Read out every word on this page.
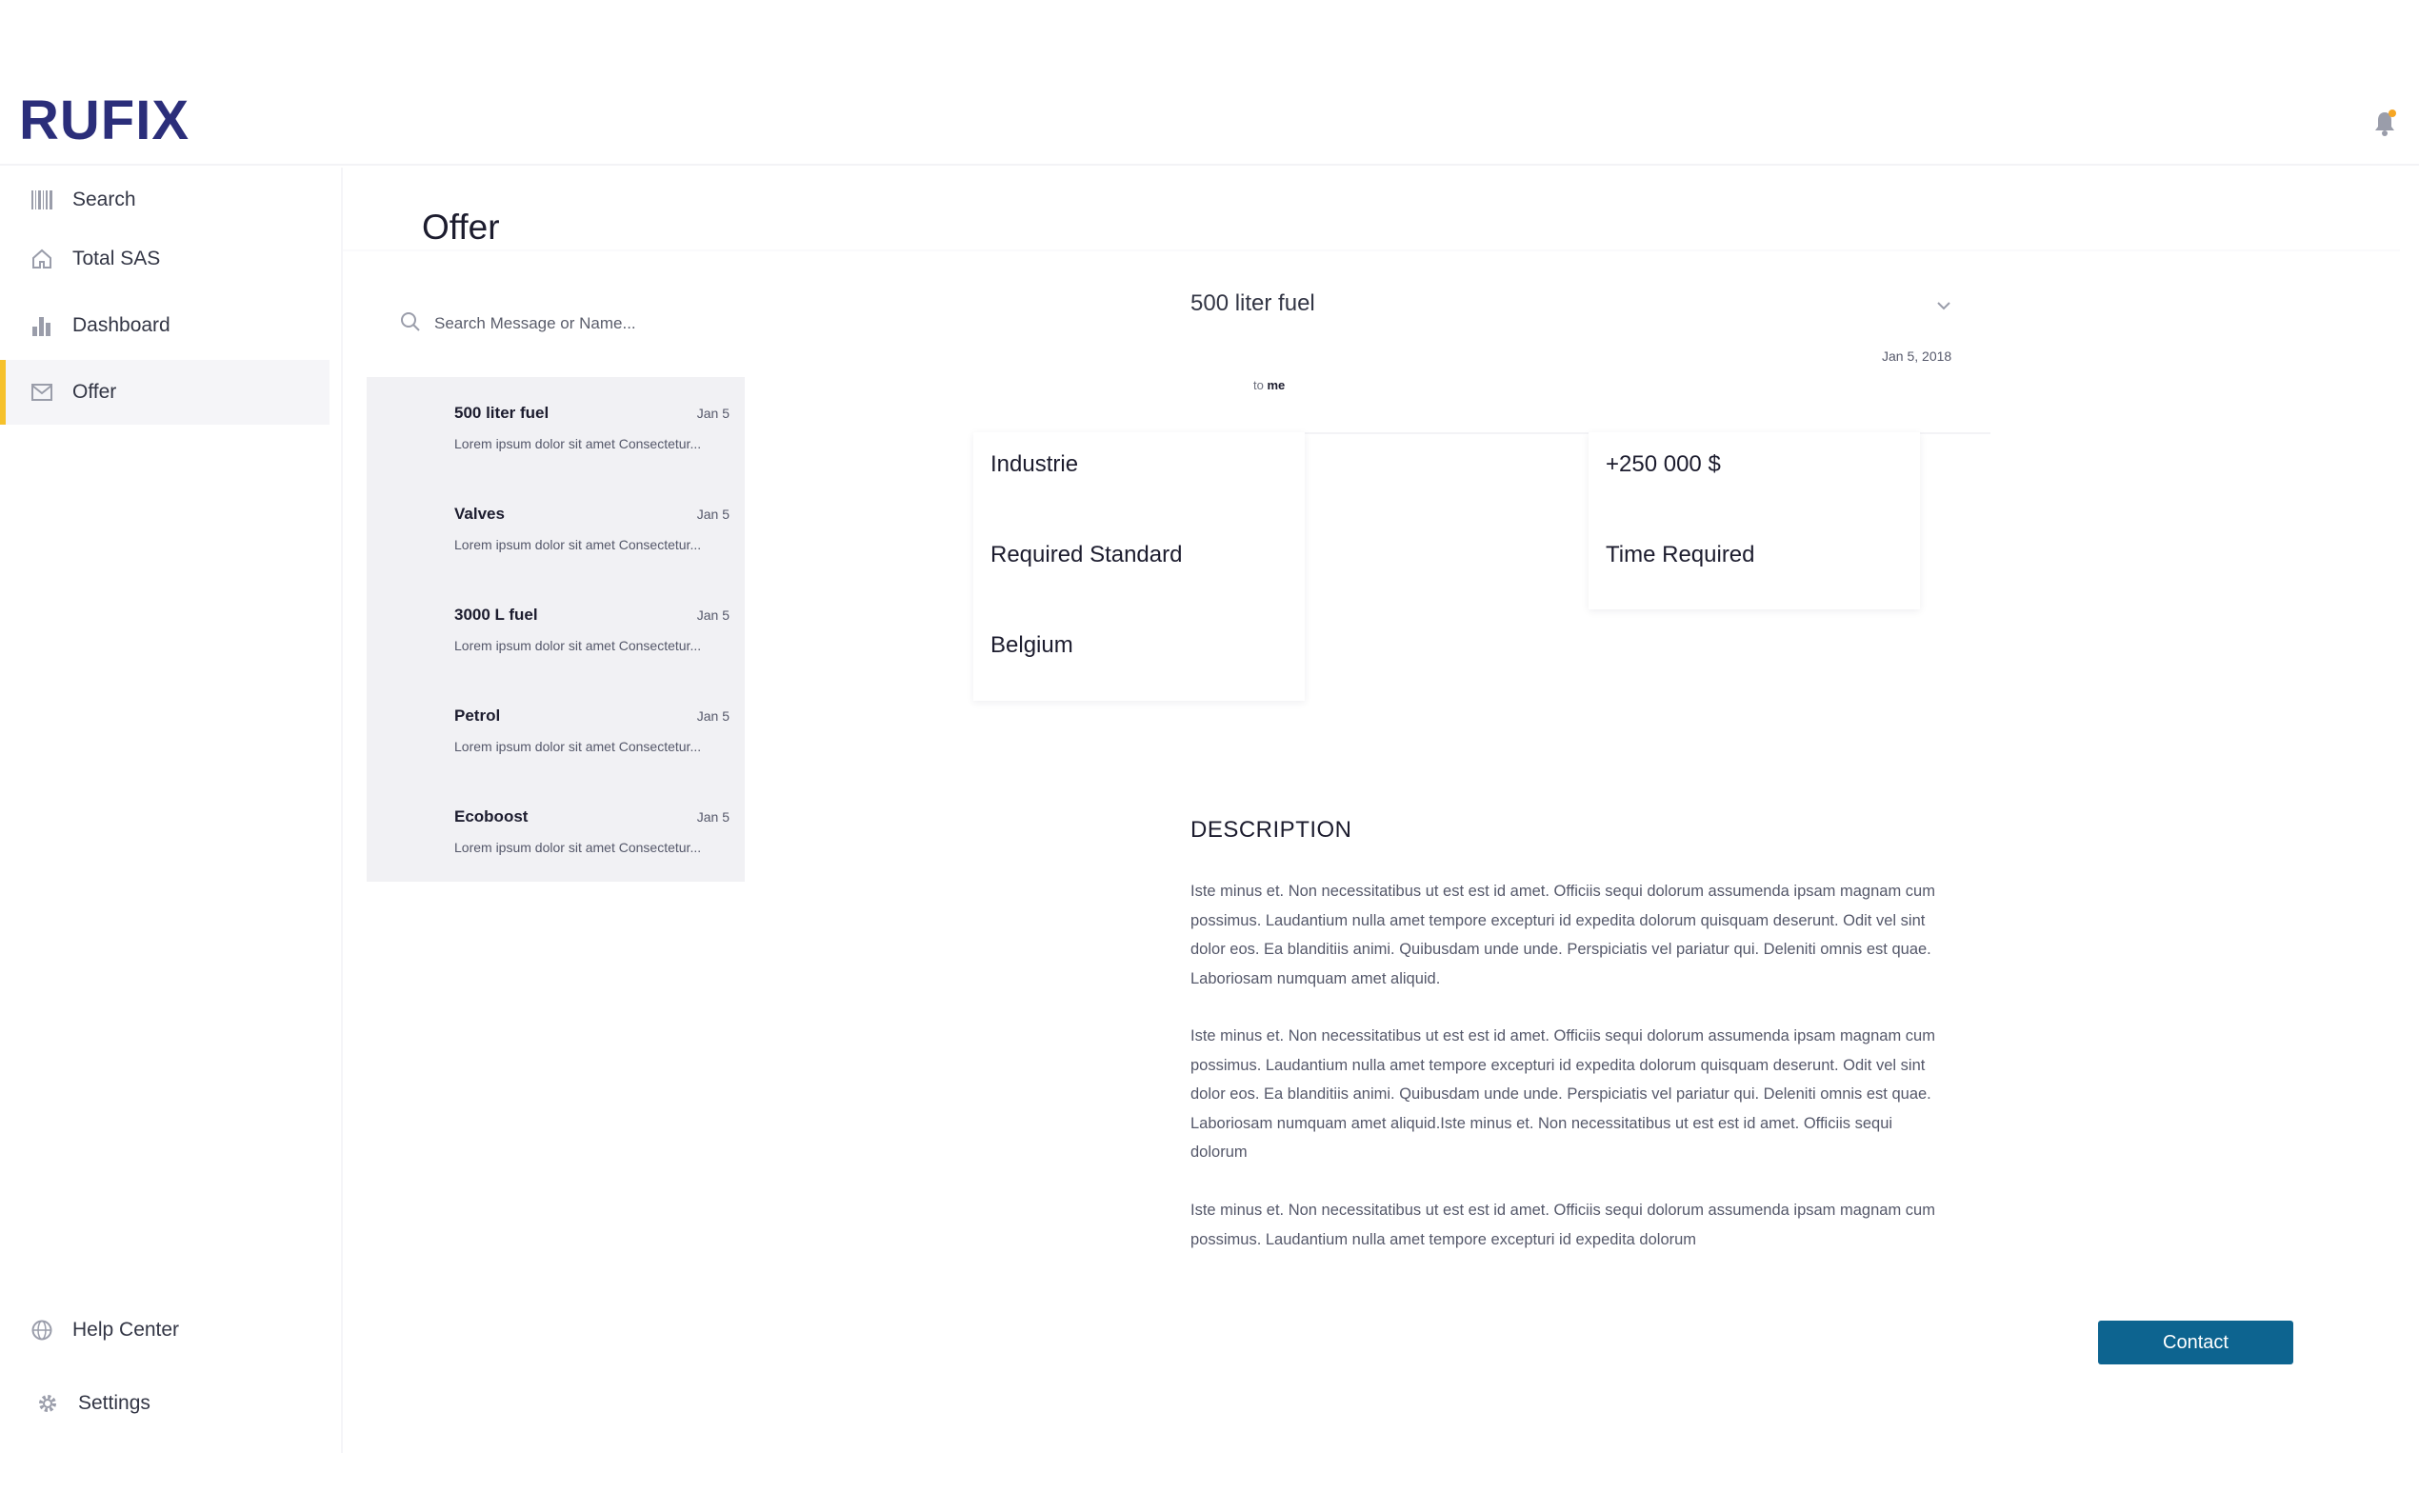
RUFIX
Search
Total SAS
Dashboard
Offer
Help Center
Settings
Offer
Search Message or Name...
500 liter fuel	Jan 5
Lorem ipsum dolor sit amet Consectetur...
Valves	Jan 5
Lorem ipsum dolor sit amet Consectetur...
3000 L fuel	Jan 5
Lorem ipsum dolor sit amet Consectetur...
Petrol	Jan 5
Lorem ipsum dolor sit amet Consectetur...
Ecoboost	Jan 5
Lorem ipsum dolor sit amet Consectetur...
500 liter fuel
Jan 5, 2018
to me
Industrie
Required Standard
Belgium
+250 000 $
Time Required
DESCRIPTION
Iste minus et. Non necessitatibus ut est est id amet. Officiis sequi dolorum assumenda ipsam magnam cum possimus. Laudantium nulla amet tempore excepturi id expedita dolorum quisquam deserunt. Odit vel sint dolor eos. Ea blanditiis animi. Quibusdam unde unde. Perspiciatis vel pariatur qui. Deleniti omnis est quae. Laboriosam numquam amet aliquid.
Iste minus et. Non necessitatibus ut est est id amet. Officiis sequi dolorum assumenda ipsam magnam cum possimus. Laudantium nulla amet tempore excepturi id expedita dolorum quisquam deserunt. Odit vel sint dolor eos. Ea blanditiis animi. Quibusdam unde unde. Perspiciatis vel pariatur qui. Deleniti omnis est quae. Laboriosam numquam amet aliquid.Iste minus et. Non necessitatibus ut est est id amet. Officiis sequi dolorum
Iste minus et. Non necessitatibus ut est est id amet. Officiis sequi dolorum assumenda ipsam magnam cum possimus. Laudantium nulla amet tempore excepturi id expedita dolorum
Contact
